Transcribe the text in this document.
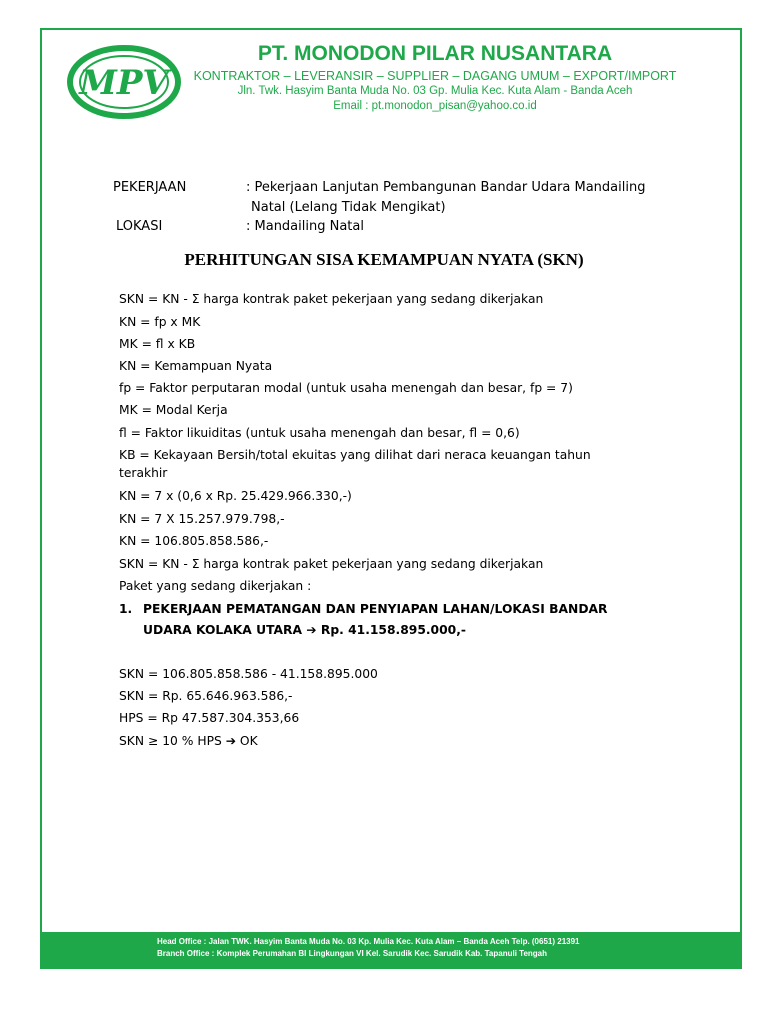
MPV
PT. MONODON PILAR NUSANTARA
KONTRAKTOR – LEVERANSIR – SUPPLIER – DAGANG UMUM – EXPORT/IMPORT
Jln. Twk. Hasyim Banta Muda No. 03 Gp. Mulia Kec. Kuta Alam - Banda Aceh
Email : pt.monodon_pisan@yahoo.co.id
PEKERJAAN	: Pekerjaan Lanjutan Pembangunan Bandar Udara Mandailing
Natal (Lelang Tidak Mengikat)
LOKASI	: Mandailing Natal
PERHITUNGAN SISA KEMAMPUAN NYATA (SKN)
SKN = KN - Σ harga kontrak paket pekerjaan yang sedang dikerjakan
KN = fp x MK
MK = fl x KB
KN = Kemampuan Nyata
fp = Faktor perputaran modal (untuk usaha menengah dan besar, fp = 7)
MK = Modal Kerja
fl = Faktor likuiditas (untuk usaha menengah dan besar, fl = 0,6)
KB = Kekayaan Bersih/total ekuitas yang dilihat dari neraca keuangan tahun
terakhir
KN = 7 x (0,6 x Rp. 25.429.966.330,-)
KN = 7 X 15.257.979.798,-
KN = 106.805.858.586,-
SKN = KN - Σ harga kontrak paket pekerjaan yang sedang dikerjakan
Paket yang sedang dikerjakan :
1. PEKERJAAN PEMATANGAN DAN PENYIAPAN LAHAN/LOKASI BANDAR
UDARA KOLAKA UTARA ➔ Rp. 41.158.895.000,-
SKN = 106.805.858.586 - 41.158.895.000
SKN = Rp. 65.646.963.586,-
HPS = Rp 47.587.304.353,66
SKN ≥ 10 % HPS ➔ OK
Head Office : Jalan TWK. Hasyim Banta Muda No. 03 Kp. Mulia Kec. Kuta Alam – Banda Aceh Telp. (0651) 21391
Branch Office : Komplek Perumahan BI Lingkungan VI Kel. Sarudik Kec. Sarudik Kab. Tapanuli Tengah
